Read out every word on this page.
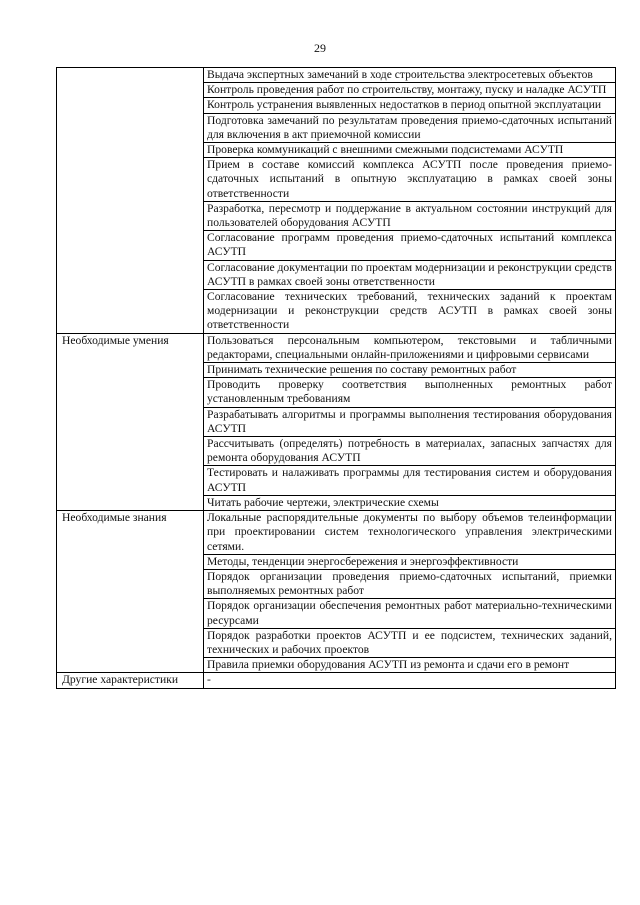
29
	Выдача экспертных замечаний в ходе строительства электросетевых объектов
	Контроль проведения работ по строительству, монтажу, пуску и наладке АСУТП
	Контроль устранения выявленных недостатков в период опытной эксплуатации
	Подготовка замечаний по результатам проведения приемо-сдаточных испытаний для включения в акт приемочной комиссии
	Проверка коммуникаций с внешними смежными подсистемами АСУТП
	Прием в составе комиссий комплекса АСУТП после проведения приемо-сдаточных испытаний в опытную эксплуатацию в рамках своей зоны ответственности
	Разработка, пересмотр и поддержание в актуальном состоянии инструкций для пользователей оборудования АСУТП
	Согласование программ проведения приемо-сдаточных испытаний комплекса АСУТП
	Согласование документации по проектам модернизации и реконструкции средств АСУТП в рамках своей зоны ответственности
	Согласование технических требований, технических заданий к проектам модернизации и реконструкции средств АСУТП в рамках своей зоны ответственности
Необходимые умения	Пользоваться персональным компьютером, текстовыми и табличными редакторами, специальными онлайн-приложениями и цифровыми сервисами
	Принимать технические решения по составу ремонтных работ
	Проводить проверку соответствия выполненных ремонтных работ установленным требованиям
	Разрабатывать алгоритмы и программы выполнения тестирования оборудования АСУТП
	Рассчитывать (определять) потребность в материалах, запасных запчастях для ремонта оборудования АСУТП
	Тестировать и налаживать программы для тестирования систем и оборудования АСУТП
	Читать рабочие чертежи, электрические схемы
Необходимые знания	Локальные распорядительные документы по выбору объемов телеинформации при проектировании систем технологического управления электрическими сетями.
	Методы, тенденции энергосбережения и энергоэффективности
	Порядок организации проведения приемо-сдаточных испытаний, приемки выполняемых ремонтных работ
	Порядок организации обеспечения ремонтных работ материально-техническими ресурсами
	Порядок разработки проектов АСУТП и ее подсистем, технических заданий, технических и рабочих проектов
	Правила приемки оборудования АСУТП из ремонта и сдачи его в ремонт
Другие характеристики	-
